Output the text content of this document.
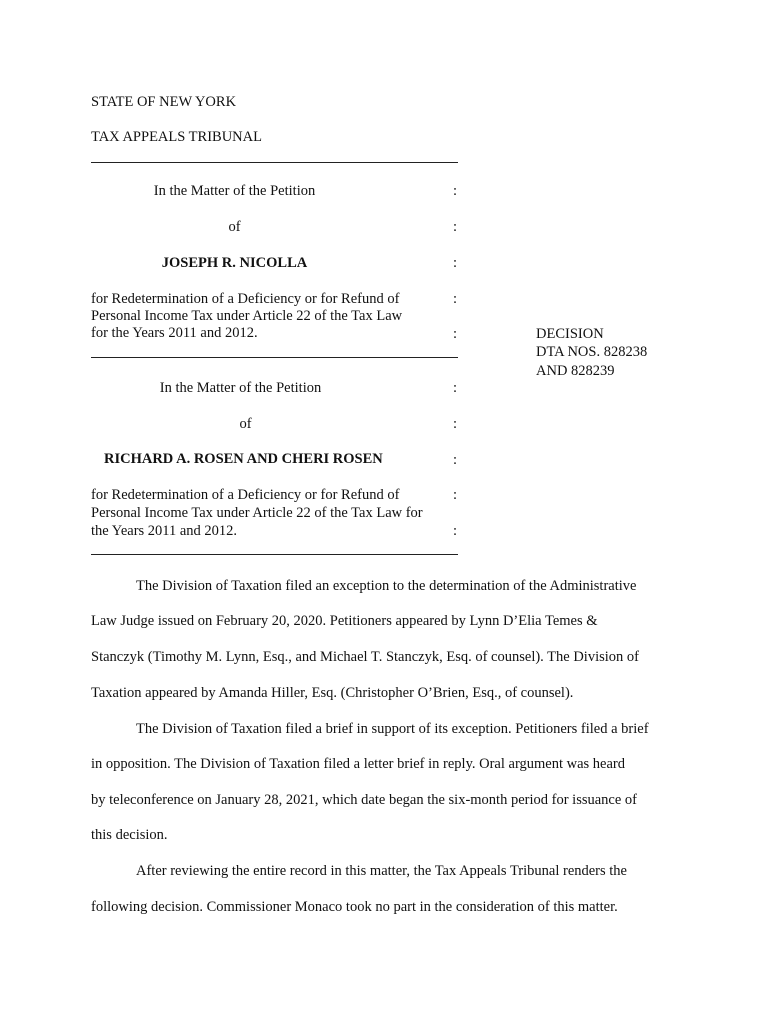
STATE OF NEW YORK
TAX APPEALS TRIBUNAL
In the Matter of the Petition	:
of	:
JOSEPH R. NICOLLA	:
for Redetermination of a Deficiency or for Refund of	:
Personal Income Tax under Article 22 of the Tax Law
for the Years 2011 and 2012.	:	DECISION
DTA NOS. 828238
AND 828239
In the Matter of the Petition	:
of	:
RICHARD A. ROSEN AND CHERI ROSEN	:
for Redetermination of a Deficiency or for Refund of	:
Personal Income Tax under Article 22 of the Tax Law for
the Years 2011 and 2012.	:
The Division of Taxation filed an exception to the determination of the Administrative
Law Judge issued on February 20, 2020. Petitioners appeared by Lynn D’Elia Temes &
Stanczyk (Timothy M. Lynn, Esq., and Michael T. Stanczyk, Esq. of counsel). The Division of
Taxation appeared by Amanda Hiller, Esq. (Christopher O’Brien, Esq., of counsel).
The Division of Taxation filed a brief in support of its exception. Petitioners filed a brief
in opposition. The Division of Taxation filed a letter brief in reply. Oral argument was heard
by teleconference on January 28, 2021, which date began the six-month period for issuance of
this decision.
After reviewing the entire record in this matter, the Tax Appeals Tribunal renders the
following decision. Commissioner Monaco took no part in the consideration of this matter.
